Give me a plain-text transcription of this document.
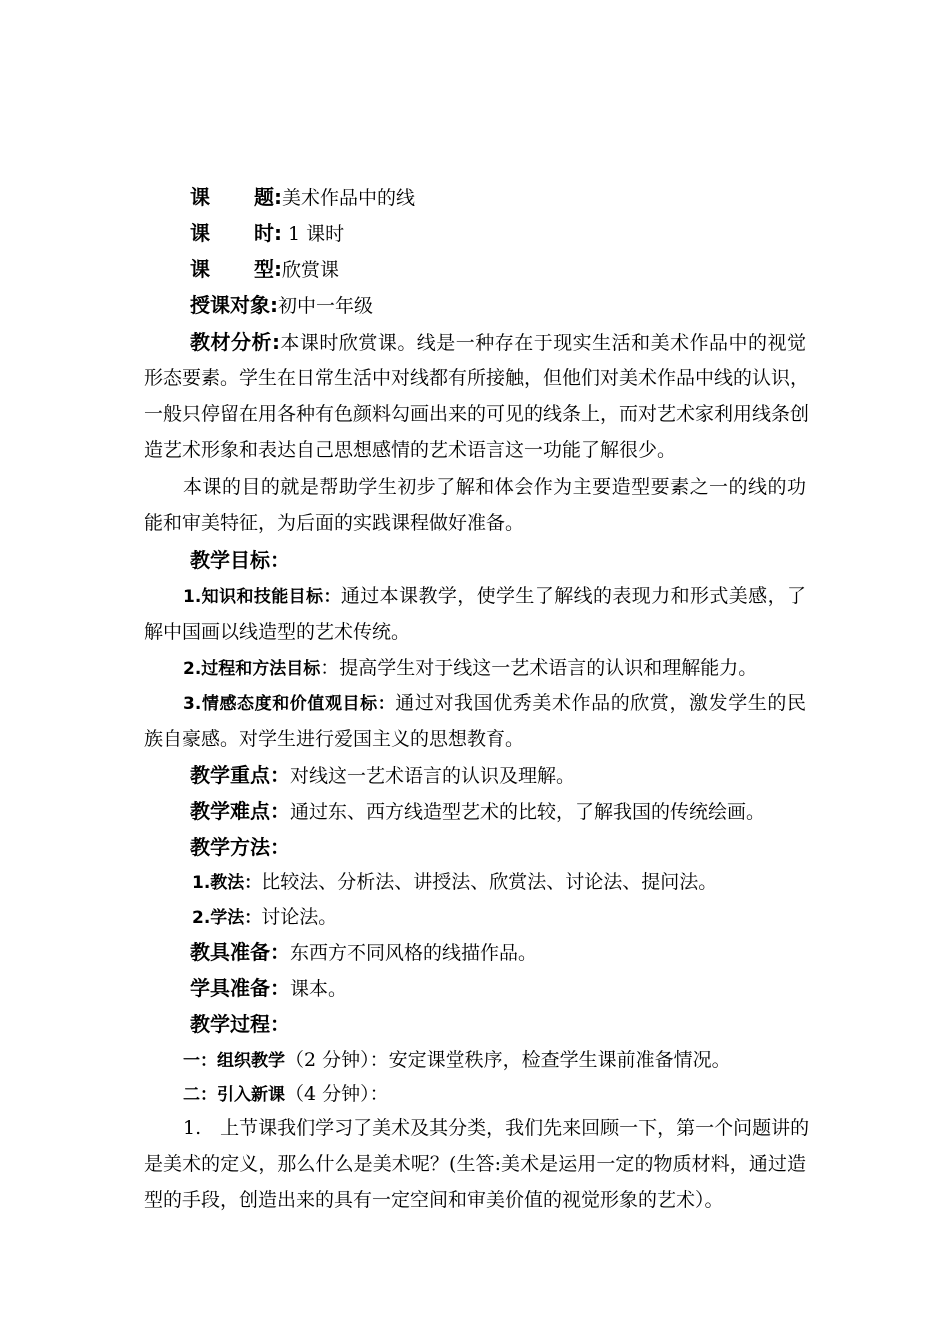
课 题:美术作品中的线
课 时: 1 课时
课 型:欣赏课
授课对象:初中一年级
教材分析:本课时欣赏课。线是一种存在于现实生活和美术作品中的视觉
形态要素。学生在日常生活中对线都有所接触，但他们对美术作品中线的认识，
一般只停留在用各种有色颜料勾画出来的可见的线条上，而对艺术家利用线条创
造艺术形象和表达自己思想感情的艺术语言这一功能了解很少。
本课的目的就是帮助学生初步了解和体会作为主要造型要素之一的线的功
能和审美特征，为后面的实践课程做好准备。
教学目标：
1.知识和技能目标：通过本课教学，使学生了解线的表现力和形式美感，了
解中国画以线造型的艺术传统。
2.过程和方法目标：提高学生对于线这一艺术语言的认识和理解能力。
3.情感态度和价值观目标：通过对我国优秀美术作品的欣赏，激发学生的民
族自豪感。对学生进行爱国主义的思想教育。
教学重点：对线这一艺术语言的认识及理解。
教学难点：通过东、西方线造型艺术的比较，了解我国的传统绘画。
教学方法：
1.教法：比较法、分析法、讲授法、欣赏法、讨论法、提问法。
2.学法：讨论法。
教具准备：东西方不同风格的线描作品。
学具准备：课本。
教学过程：
一：组织教学（2 分钟）：安定课堂秩序，检查学生课前准备情况。
二：引入新课（4 分钟）：
1.　上节课我们学习了美术及其分类，我们先来回顾一下，第一个问题讲的
是美术的定义，那么什么是美术呢？(生答:美术是运用一定的物质材料，通过造
型的手段，创造出来的具有一定空间和审美价值的视觉形象的艺术）。
